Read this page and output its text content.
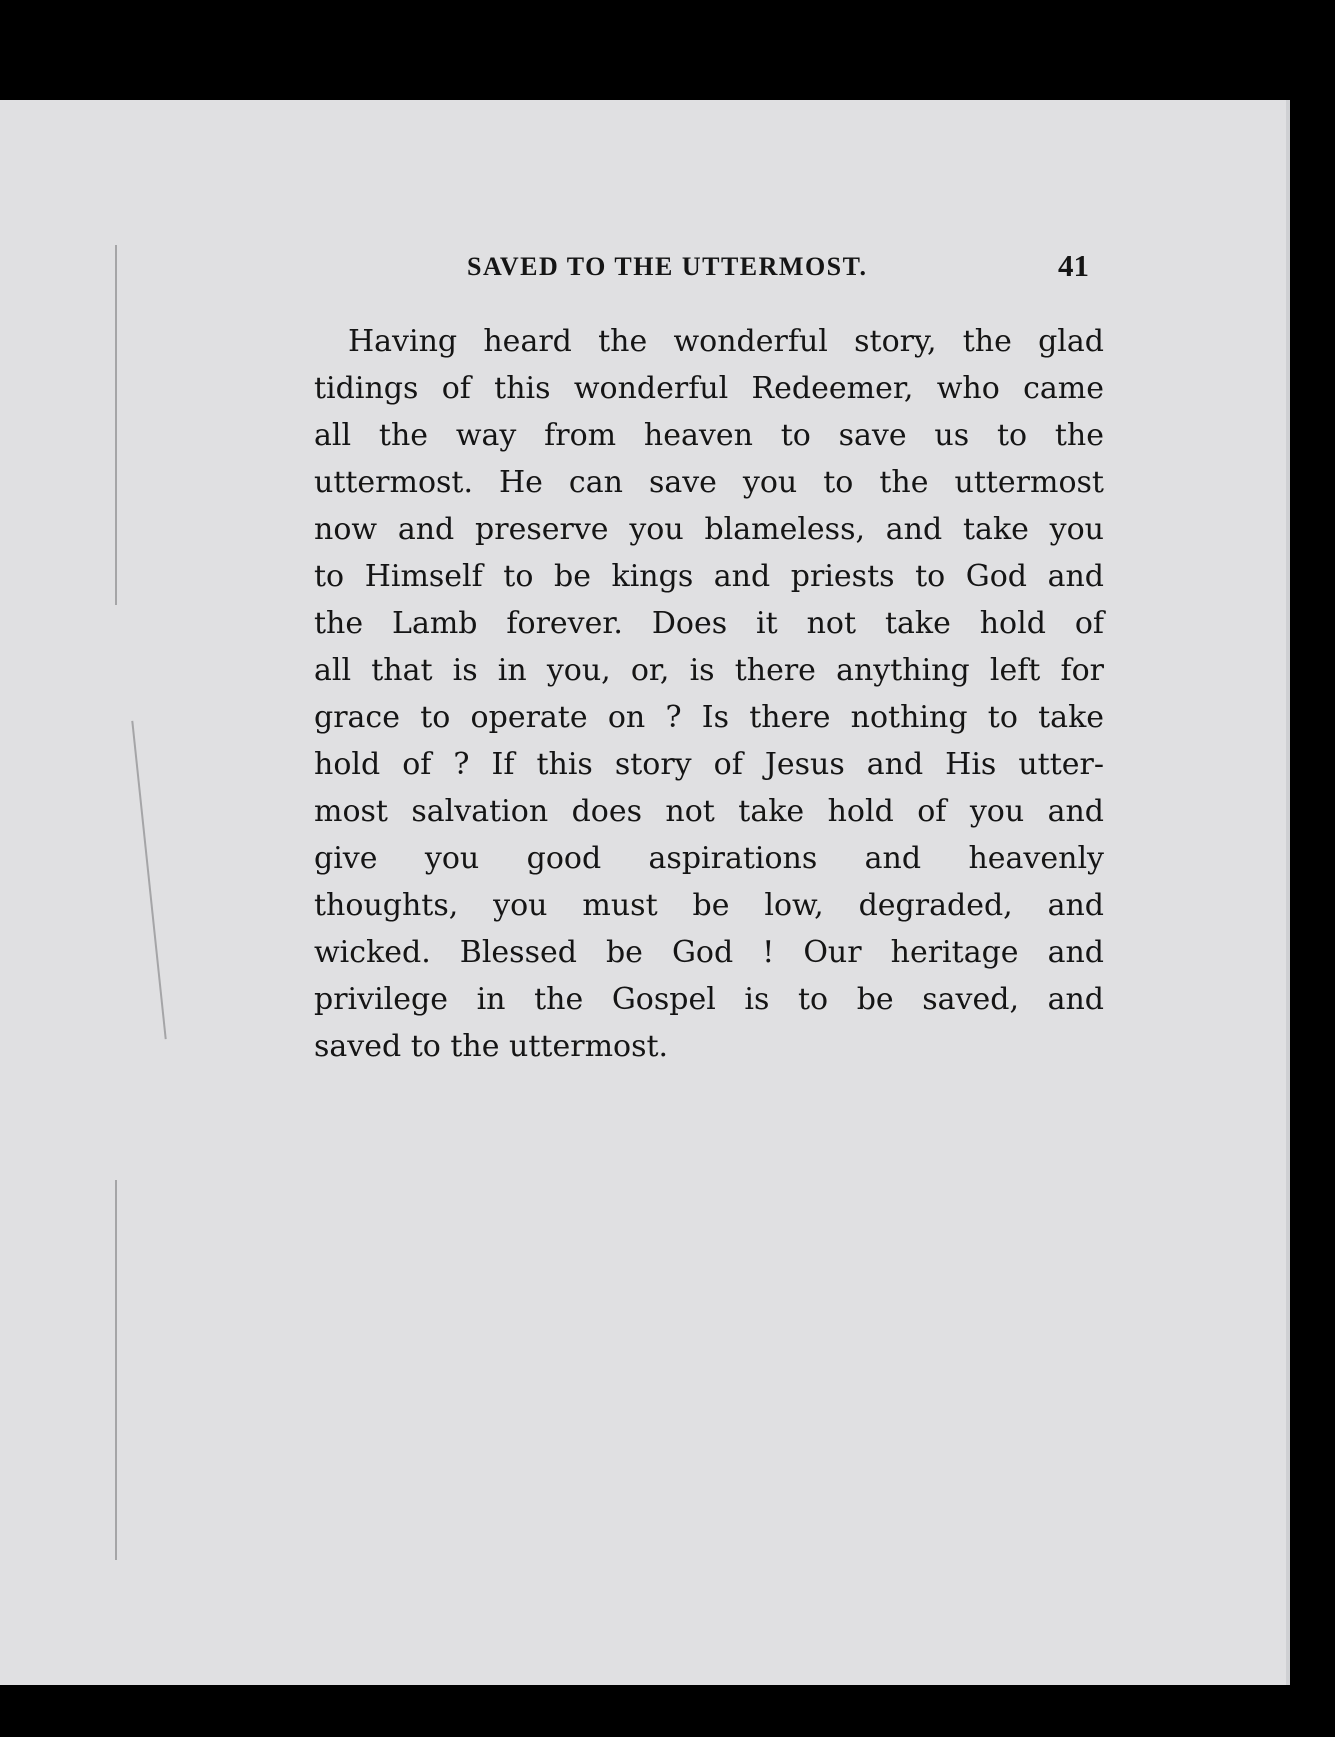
SAVED TO THE UTTERMOST.	41
Having heard the wonderful story, the glad
tidings of this wonderful Redeemer, who came
all the way from heaven to save us to the
uttermost. He can save you to the uttermost
now and preserve you blameless, and take you
to Himself to be kings and priests to God and
the Lamb forever. Does it not take hold of
all that is in you, or, is there anything left for
grace to operate on ? Is there nothing to take
hold of ? If this story of Jesus and His utter-
most salvation does not take hold of you and
give you good aspirations and heavenly
thoughts, you must be low, degraded, and
wicked. Blessed be God ! Our heritage and
privilege in the Gospel is to be saved, and
saved to the uttermost.
